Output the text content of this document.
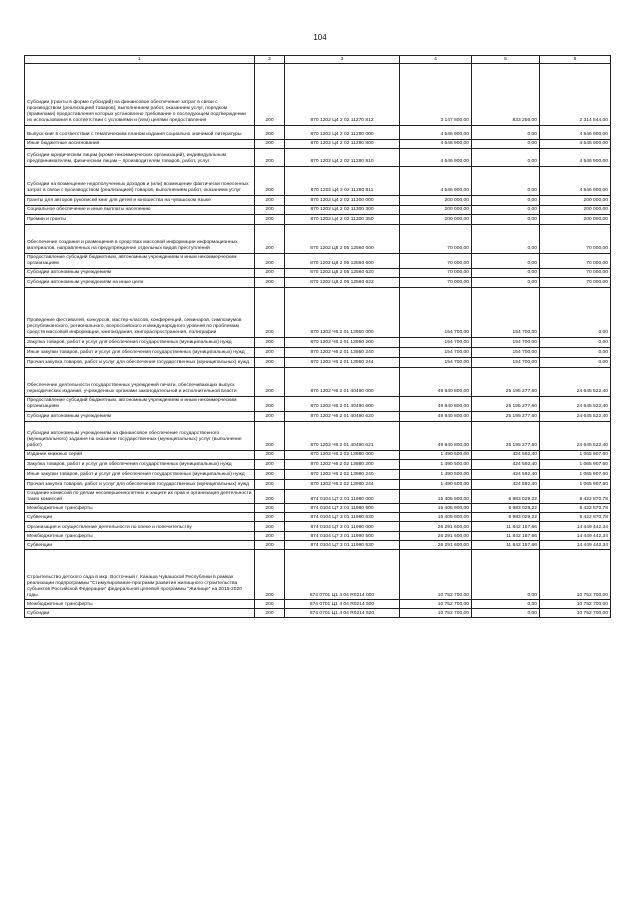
104
1	2	3	4	5	6
Субсидии (гранты в форме субсидий) на финансовое обеспечение затрат в связи с производством (реализацией товаров), выполнением работ, оказанием услуг, порядком (правилами) предоставления которых установлено требование о последующем подтверждении их использования в соответствии с условиями и (или) целями предоставления	200	870 1202 Ц4 2 02 11270 812	3 147 800,00	833 256,00	2 314 544,00
Выпуск книг в соответствии с тематическим планом издания социально значимой литературы	200	870 1202 Ц4 2 02 11280 000	4 546 900,00	0,00	4 546 900,00
Иные бюджетные ассигнования	200	870 1202 Ц4 2 02 11280 800	4 546 900,00	0,00	4 546 900,00
Субсидии юридическим лицам (кроме некоммерческих организаций), индивидуальным предпринимателям, физическим лицам – производителям товаров, работ, услуг	200	870 1202 Ц4 2 02 11280 810	4 546 900,00	0,00	4 546 900,00
Субсидии на возмещение недополученных доходов и (или) возмещение фактически понесенных затрат в связи с производством (реализацией) товаров, выполнением работ, оказанием услуг	200	870 1202 Ц4 2 02 11280 811	4 546 900,00	0,00	4 546 900,00
Гранты для авторов рукописей книг для детей и юношества на чувашском языке	200	870 1202 Ц4 2 02 11300 000	200 000,00	0,00	200 000,00
Социальное обеспечение и иные выплаты населению	200	870 1202 Ц4 2 02 11300 300	200 000,00	0,00	200 000,00
Премии и гранты	200	870 1202 Ц4 2 02 11300 350	200 000,00	0,00	200 000,00
Обеспечение создания и размещения в средствах массовой информации информационных материалов, направленных на предупреждение отдельных видов преступлений	200	870 1202 Ц8 2 05 12560 000	70 000,00	0,00	70 000,00
Предоставление субсидий бюджетным, автономным учреждениям и иным некоммерческим организациям	200	870 1202 Ц8 2 05 12560 600	70 000,00	0,00	70 000,00
Субсидии автономным учреждениям	200	870 1202 Ц8 2 05 12560 620	70 000,00	0,00	70 000,00
Субсидии автономным учреждениям на иные цели	200	870 1202 Ц8 2 05 12560 622	70 000,00	0,00	70 000,00
Проведение фестивалей, конкурсов, мастер-классов, конференций, семинаров, симпозиумов республиканского, регионального, всероссийского и международного уровней по проблемам средств массовой информации, книгоиздания, книгораспространения, полиграфии	200	870 1202 Ч6 2 01 13950 000	154 700,00	154 700,00	0,00
Закупка товаров, работ и услуг для обеспечения государственных (муниципальных) нужд	200	870 1202 Ч6 2 01 13950 200	154 700,00	154 700,00	0,00
Иные закупки товаров, работ и услуг для обеспечения государственных (муниципальных) нужд	200	870 1202 Ч6 2 01 13950 240	154 700,00	154 700,00	0,00
Прочая закупка товаров, работ и услуг для обеспечения государственных (муниципальных) нужд	200	870 1202 Ч6 2 01 13950 244	154 700,00	154 700,00	0,00
Обеспечение деятельности государственных учреждений печати, обеспечивающих выпуск периодических изданий, учрежденных органами законодательной и исполнительной власти	200	870 1202 Ч6 2 01 40490 000	49 840 800,00	25 195 277,60	24 645 522,40
Предоставление субсидий бюджетным, автономным учреждениям и иным некоммерческим организациям	200	870 1202 Ч6 2 01 40490 600	49 840 800,00	25 195 277,60	24 645 522,40
Субсидии автономным учреждениям	200	870 1202 Ч6 2 01 40490 620	49 840 800,00	25 195 277,60	24 645 522,40
Субсидии автономным учреждениям на финансовое обеспечение государственного (муниципального) задания на оказание государственных (муниципальных) услуг (выполнение работ)	200	870 1202 Ч6 2 01 40490 621	49 840 800,00	25 195 277,60	24 645 522,40
Издание книжных серий	200	870 1202 Ч6 2 02 13980 000	1 490 500,00	424 592,40	1 065 907,60
Закупка товаров, работ и услуг для обеспечения государственных (муниципальных) нужд	200	870 1202 Ч6 2 02 13980 200	1 490 500,00	424 592,40	1 065 907,60
Иные закупки товаров, работ и услуг для обеспечения государственных (муниципальных) нужд	200	870 1202 Ч6 2 02 13980 240	1 490 500,00	424 592,40	1 065 907,60
Прочая закупка товаров, работ и услуг для обеспечения государственных (муниципальных) нужд	200	870 1202 Ч6 2 02 13980 244	1 490 500,00	424 592,40	1 065 907,60
Создание комиссий по делам несовершеннолетних и защите их прав и организация деятельности таких комиссий	200	874 0104 Ц7 3 01 11980 000	15 405 900,00	6 983 029,22	8 422 870,78
Межбюджетные трансферты	200	874 0104 Ц7 3 01 11980 500	15 405 900,00	6 983 029,22	8 422 870,78
Субвенции	200	874 0104 Ц7 3 01 11980 530	15 405 900,00	6 983 029,22	8 422 870,78
Организация и осуществление деятельности по опеке и попечительству	200	874 0104 Ц7 3 01 11990 000	26 291 600,00	11 842 157,66	14 449 442,34
Межбюджетные трансферты	200	874 0104 Ц7 3 01 11990 500	26 291 600,00	11 842 157,66	14 449 442,34
Субвенции	200	874 0104 Ц7 3 01 11990 530	26 291 600,00	11 842 157,66	14 449 442,34
Строительство детского сада в мкр. Восточный г. Канаша Чувашской Республики в рамках реализации подпрограммы "Стимулирование программ развития жилищного строительства субъектов Российской Федерации" федеральной целевой программы "Жилище" на 2015-2020 годы	200	874 0701 Ц1 4 04 R0214 000	10 752 700,00	0,00	10 752 700,00
Межбюджетные трансферты	200	874 0701 Ц1 4 04 R0214 500	10 752 700,00	0,00	10 752 700,00
Субсидии	200	874 0701 Ц1 4 04 R0214 520	10 752 700,00	0,00	10 752 700,00
